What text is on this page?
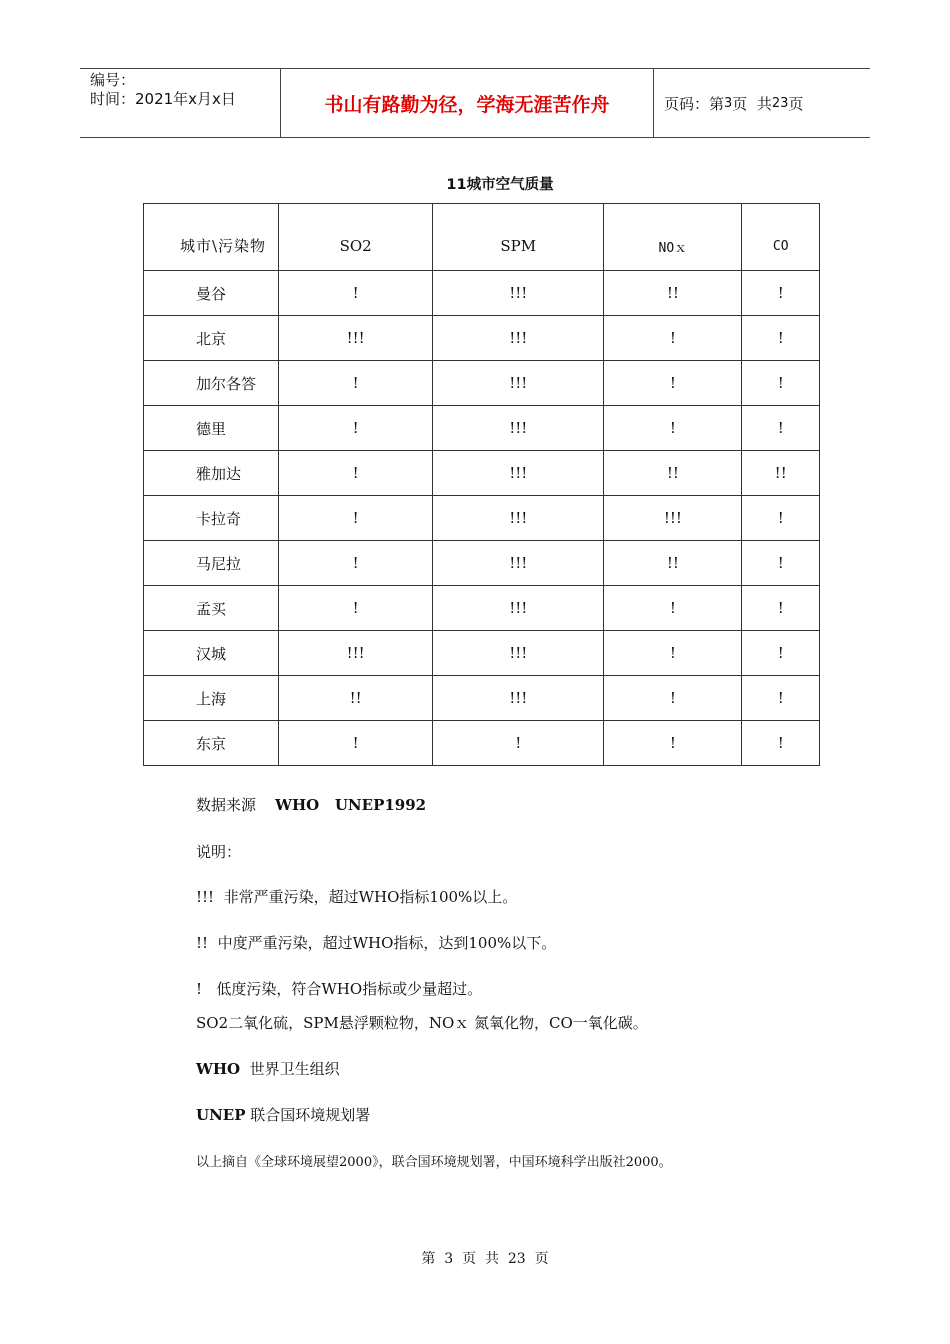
编号：
时间：2021年x月x日	书山有路勤为径，学海无涯苦作舟	页码：第 3 页  共 23 页
11城市空气质量
城市\污染物	SO2	SPM	NOｘ	CO
曼谷	!	!!!	!!	!
北京	!!!	!!!	!	!
加尔各答	!	!!!	!	!
德里	!	!!!	!	!
雅加达	!	!!!	!!	!!
卡拉奇	!	!!!	!!!	!
马尼拉	!	!!!	!!	!
孟买	!	!!!	!	!
汉城	!!!	!!!	!	!
上海	!!	!!!	!	!
东京	!	!	!	!
数据来源 WHO   UNEP1992
说明：
!!!  非常严重污染，超过WHO指标100%以上。
!!  中度严重污染，超过WHO指标，达到100%以下。
!   低度污染，符合WHO指标或少量超过。
SO2二氧化硫，SPM悬浮颗粒物，NOｘ 氮氧化物，CO一氧化碳。
WHO  世界卫生组织
UNEP 联合国环境规划署
以上摘自《全球环境展望2000》，联合国环境规划署，中国环境科学出版社2000。
第  3  页  共  23  页
